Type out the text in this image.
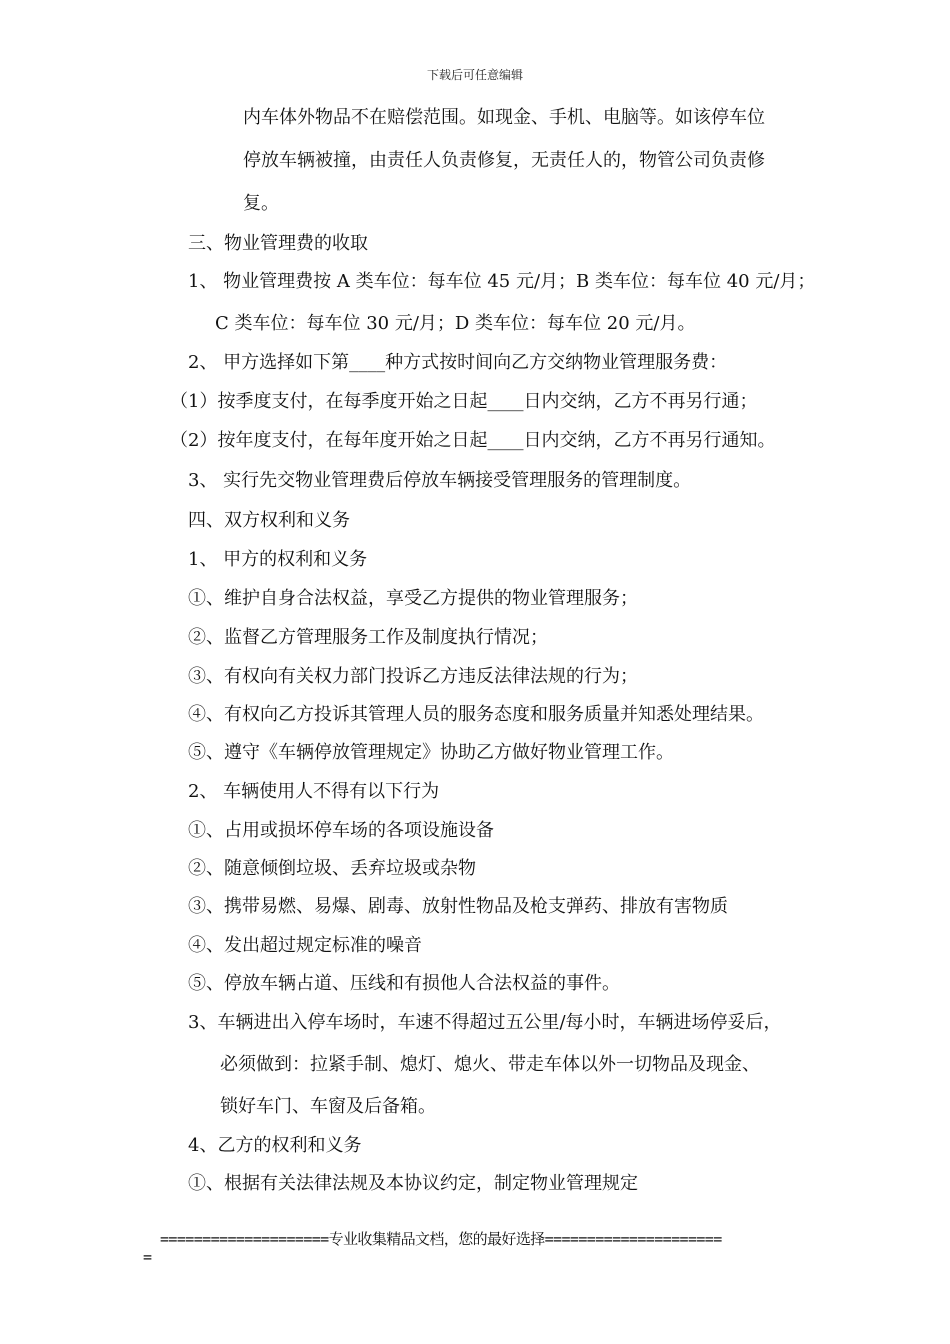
下载后可任意编辑
内车体外物品不在赔偿范围。如现金、手机、电脑等。如该停车位
停放车辆被撞，由责任人负责修复，无责任人的，物管公司负责修
复。
三、物业管理费的收取
1、 物业管理费按 A 类车位：每车位 45 元/月；B 类车位：每车位 40 元/月；
C 类车位：每车位 30 元/月；D 类车位：每车位 20 元/月。
2、 甲方选择如下第____种方式按时间向乙方交纳物业管理服务费：
（1）按季度支付，在每季度开始之日起____日内交纳，乙方不再另行通；
（2）按年度支付，在每年度开始之日起____日内交纳，乙方不再另行通知。
3、 实行先交物业管理费后停放车辆接受管理服务的管理制度。
四、双方权利和义务
1、 甲方的权利和义务
①、维护自身合法权益，享受乙方提供的物业管理服务；
②、监督乙方管理服务工作及制度执行情况；
③、有权向有关权力部门投诉乙方违反法律法规的行为；
④、有权向乙方投诉其管理人员的服务态度和服务质量并知悉处理结果。
⑤、遵守《车辆停放管理规定》协助乙方做好物业管理工作。
2、 车辆使用人不得有以下行为
①、占用或损坏停车场的各项设施设备
②、随意倾倒垃圾、丢弃垃圾或杂物
③、携带易燃、易爆、剧毒、放射性物品及枪支弹药、排放有害物质
④、发出超过规定标准的噪音
⑤、停放车辆占道、压线和有损他人合法权益的事件。
3、车辆进出入停车场时，车速不得超过五公里/每小时，车辆进场停妥后，
必须做到：拉紧手制、熄灯、熄火、带走车体以外一切物品及现金、
锁好车门、车窗及后备箱。
4、乙方的权利和义务
①、根据有关法律法规及本协议约定，制定物业管理规定
====================专业收集精品文档，您的最好选择=====================
=
